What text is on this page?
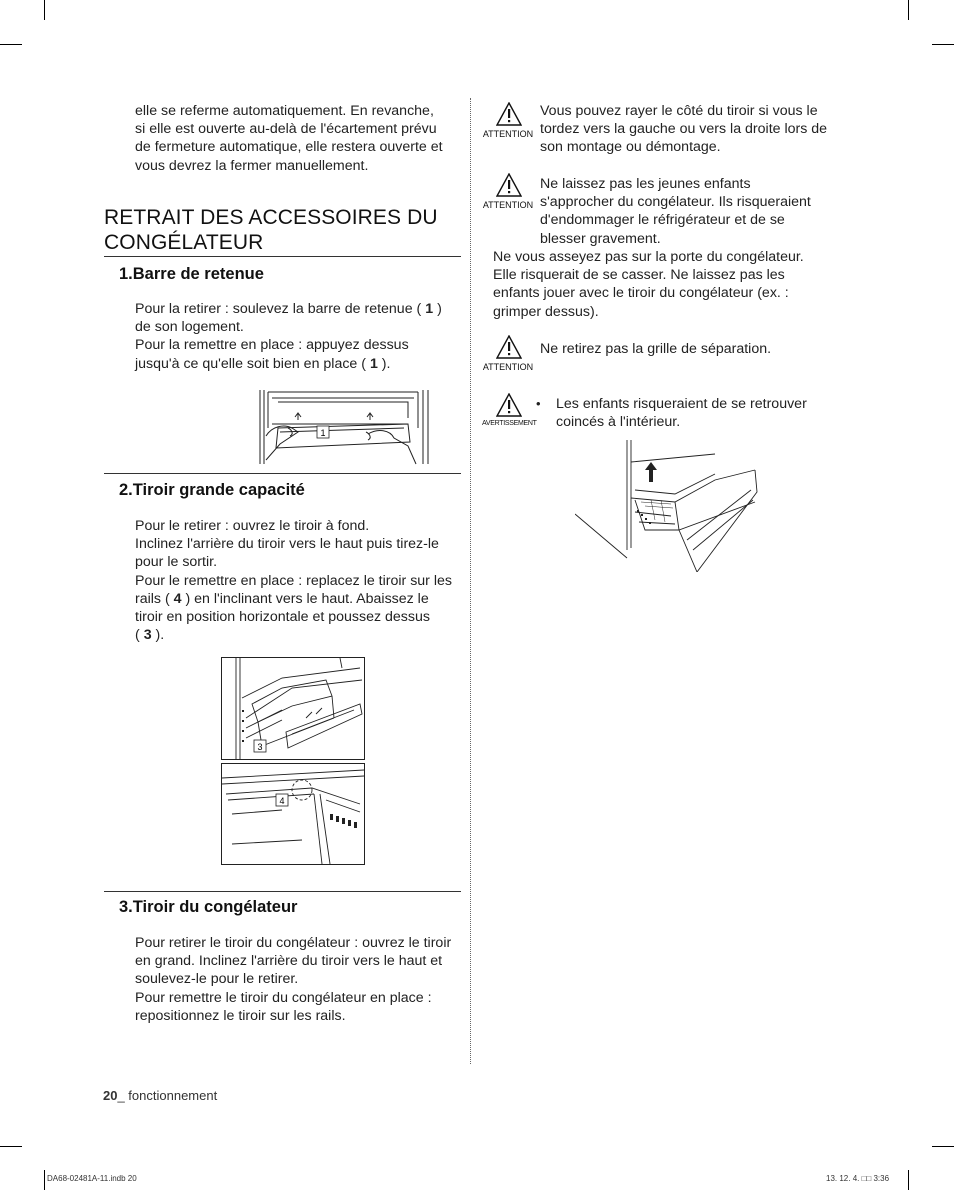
elle se referme automatiquement. En revanche,

si elle est ouverte au-delà de l'écartement prévu

de fermeture automatique, elle restera ouverte et

vous devrez la fermer manuellement.

RETRAIT DES ACCESSOIRES DU
CONGÉLATEUR
1.Barre de retenue

Pour la retirer : soulevez la barre de retenue ( 1 )

de son logement.

Pour la remettre en place : appuyez dessus

jusqu'à ce qu'elle soit bien en place ( 1 ).

1
2.Tiroir grande capacité

Pour le retirer : ouvrez le tiroir à fond.

Inclinez l'arrière du tiroir vers le haut puis tirez-le

pour le sortir.

Pour le remettre en place : replacez le tiroir sur les

rails ( 4 ) en l'inclinant vers le haut. Abaissez le

tiroir en position horizontale et poussez dessus

( 3 ).

3
4
3.Tiroir du congélateur

Pour retirer le tiroir du congélateur : ouvrez le tiroir

en grand. Inclinez l'arrière du tiroir vers le haut et

soulevez-le pour le retirer.

Pour remettre le tiroir du congélateur en place :

repositionnez le tiroir sur les rails.

ATTENTION

Vous pouvez rayer le côté du tiroir si vous le

tordez vers la gauche ou vers la droite lors de

son montage ou démontage.

ATTENTION

Ne laissez pas les jeunes enfants

s'approcher du congélateur. Ils risqueraient

d'endommager le réfrigérateur et de se

blesser gravement.

Ne vous asseyez pas sur la porte du congélateur.

Elle risquerait de se casser. Ne laissez pas les

enfants jouer avec le tiroir du congélateur (ex. :

grimper dessus).

ATTENTION

Ne retirez pas la grille de séparation.

AVERTISSEMENT
• Les enfants risqueraient de se retrouver

coincés à l'intérieur.

20_ fonctionnement
DA68-02481A-11.indb 20	13. 12. 4. □□ 3:36
